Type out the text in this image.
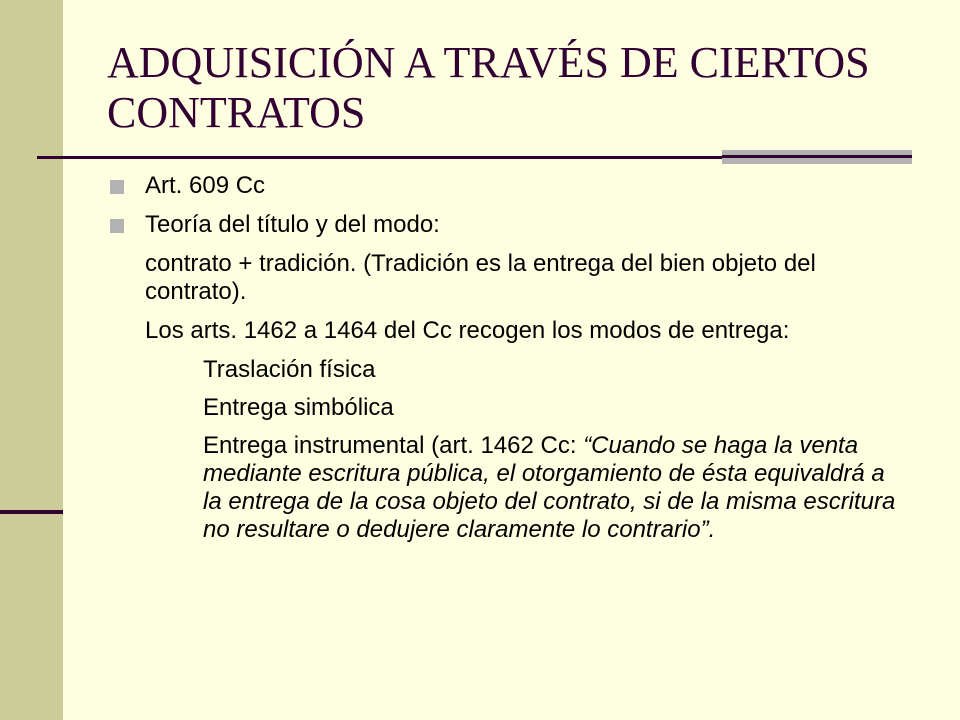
ADQUISICIÓN A TRAVÉS DE CIERTOS CONTRATOS
Art. 609 Cc
Teoría del título y del modo:
contrato + tradición. (Tradición es la entrega del bien objeto del contrato).
Los arts. 1462 a 1464 del Cc recogen los modos de entrega:
Traslación física
Entrega simbólica
Entrega instrumental (art. 1462 Cc: “Cuando se haga la venta mediante escritura pública, el otorgamiento de ésta equivaldrá a la entrega de la cosa objeto del contrato, si de la misma escritura no resultare o dedujere claramente lo contrario”.
